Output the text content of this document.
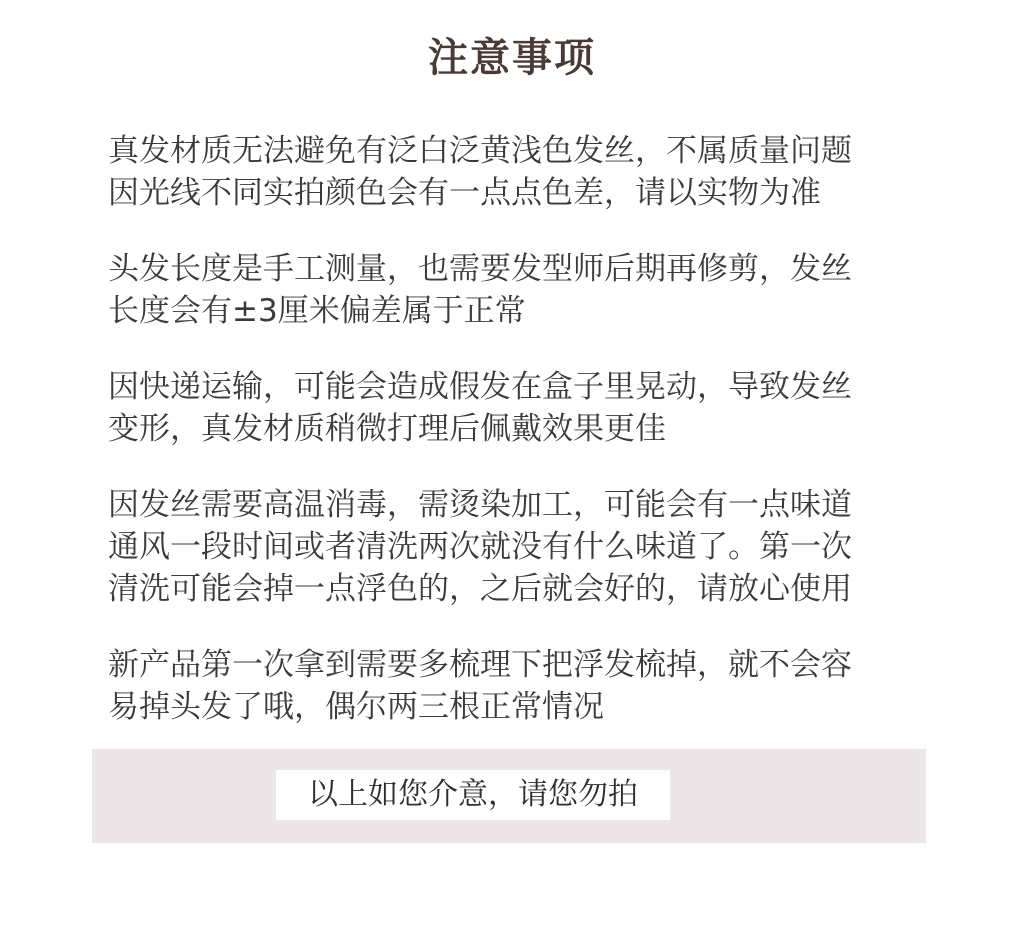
注意事项
真发材质无法避免有泛白泛黄浅色发丝，不属质量问题
因光线不同实拍颜色会有一点点色差，请以实物为准
头发长度是手工测量，也需要发型师后期再修剪，发丝
长度会有±3厘米偏差属于正常
因快递运输，可能会造成假发在盒子里晃动，导致发丝
变形，真发材质稍微打理后佩戴效果更佳
因发丝需要高温消毒，需烫染加工，可能会有一点味道
通风一段时间或者清洗两次就没有什么味道了。第一次
清洗可能会掉一点浮色的，之后就会好的，请放心使用
新产品第一次拿到需要多梳理下把浮发梳掉，就不会容
易掉头发了哦，偶尔两三根正常情况
以上如您介意，请您勿拍
